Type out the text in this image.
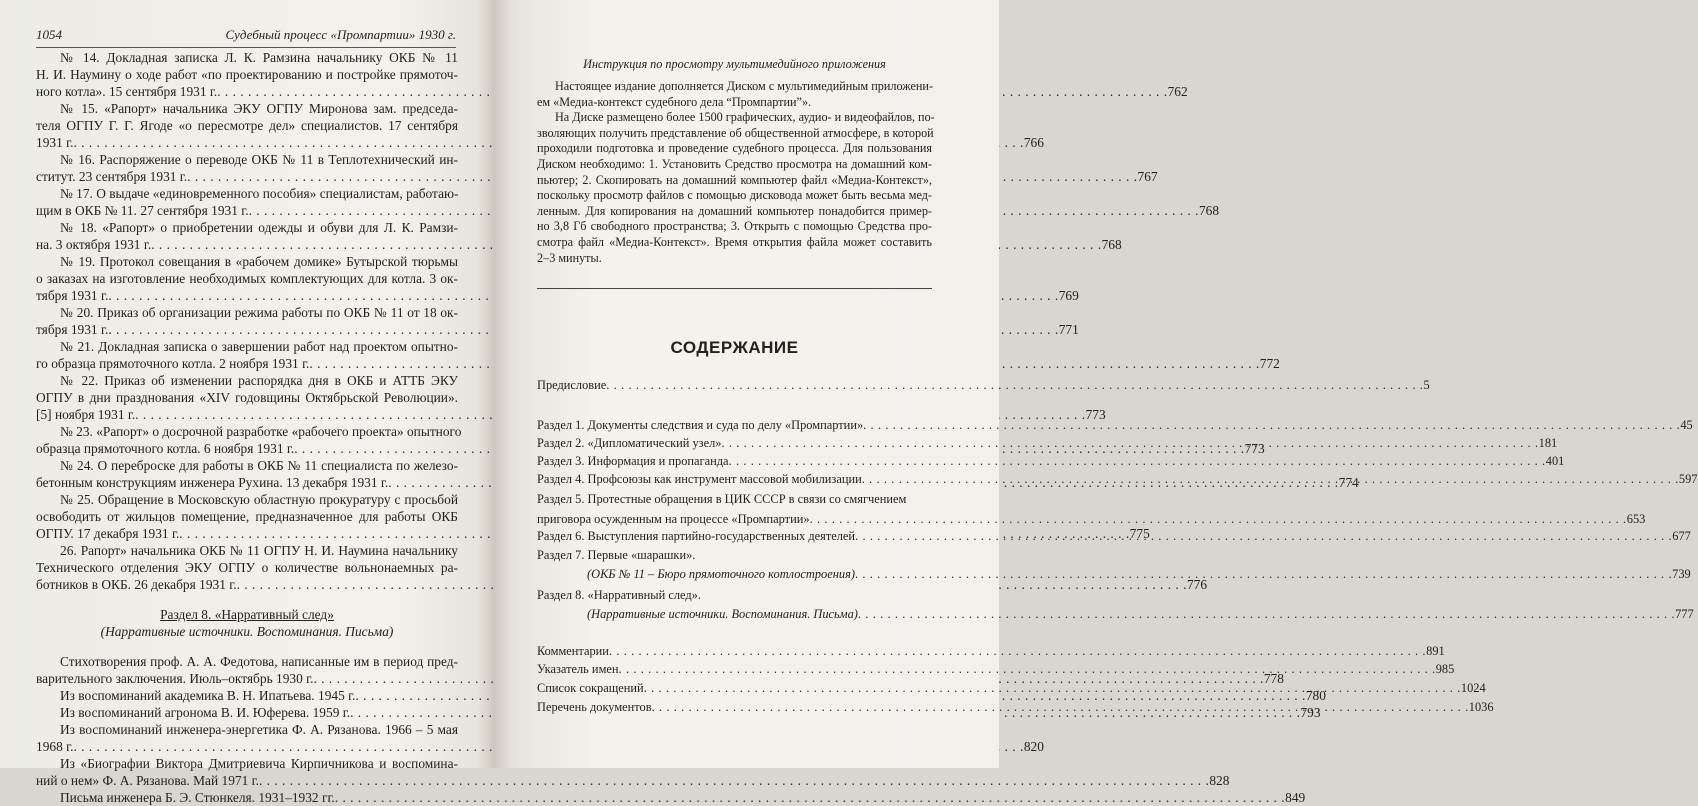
1054	Судебный процесс «Промпартии» 1930 г.
№ 14. Докладная записка Л. К. Рамзина начальнику ОКБ № 11
Н. И. Наумину о ходе работ «по проектированию и постройке прямоточ-
ного котла». 15 сентября 1931 г. . . .	762
№ 15. «Рапорт» начальника ЭКУ ОГПУ Миронова зам. председа-
теля ОГПУ Г. Г. Ягоде «о пересмотре дел» специалистов. 17 сентября
1931 г. . . .	766
№ 16. Распоряжение о переводе ОКБ № 11 в Теплотехнический ин-
ститут. 23 сентября 1931 г. . . .	767
№ 17. О выдаче «единовременного пособия» специалистам, работаю-
щим в ОКБ № 11. 27 сентября 1931 г. . . .	768
№ 18. «Рапорт» о приобретении одежды и обуви для Л. К. Рамзи-
на. 3 октября 1931 г. . . .	768
№ 19. Протокол совещания в «рабочем домике» Бутырской тюрьмы
о заказах на изготовление необходимых комплектующих для котла. 3 ок-
тября 1931 г. . . .	769
№ 20. Приказ об организации режима работы по ОКБ № 11 от 18 ок-
тября 1931 г. . . .	771
№ 21. Докладная записка о завершении работ над проектом опытно-
го образца прямоточного котла. 2 ноября 1931 г. . . .	772
№ 22. Приказ об изменении распорядка дня в ОКБ и АТТБ ЭКУ
ОГПУ в дни празднования «XIV годовщины Октябрьской Революции».
[5] ноября 1931 г. . . .	773
№ 23. «Рапорт» о досрочной разработке «рабочего проекта» опытного
образца прямоточного котла. 6 ноября 1931 г. . . .	773
№ 24. О переброске для работы в ОКБ № 11 специалиста по железо-
бетонным конструкциям инженера Рухина. 13 декабря 1931 г. . . .	774
№ 25. Обращение в Московскую областную прокуратуру с просьбой
освободить от жильцов помещение, предназначенное для работы ОКБ
ОГПУ. 17 декабря 1931 г. . . .	775
26. Рапорт» начальника ОКБ № 11 ОГПУ Н. И. Наумина начальнику
Технического отделения ЭКУ ОГПУ о количестве вольнонаемных ра-
ботников в ОКБ. 26 декабря 1931 г. . . .	776
Раздел 8. «Нарративный след»
(Нарративные источники. Воспоминания. Письма)
Стихотворения проф. А. А. Федотова, написанные им в период пред-
варительного заключения. Июль–октябрь 1930 г. . . .	778
Из воспоминаний академика В. Н. Ипатьева. 1945 г. . . .	780
Из воспоминаний агронома В. И. Юферева. 1959 г. . . .	793
Из воспоминаний инженера-энергетика Ф. А. Рязанова. 1966 – 5 мая
1968 г. . . .	820
Из «Биографии Виктора Дмитриевича Кирпичникова и воспомина-
ний о нем» Ф. А. Рязанова. Май 1971 г. . . .	828
Письма инженера Б. Э. Стюнкеля. 1931–1932 гг. . . .	849
Инструкция по просмотру мультимедийного приложения
Настоящее издание дополняется Диском с мультимедийным приложени-
ем «Медиа-контекст судебного дела “Промпартии”».
На Диске размещено более 1500 графических, аудио- и видеофайлов, по-
зволяющих получить представление об общественной атмосфере, в которой
проходили подготовка и проведение судебного процесса. Для пользования
Диском необходимо: 1. Установить Средство просмотра на домашний ком-
пьютер; 2. Скопировать на домашний компьютер файл «Медиа-Контекст»,
поскольку просмотр файлов с помощью дисковода может быть весьма мед-
ленным. Для копирования на домашний компьютер понадобится пример-
но 3,8 Гб свободного пространства; 3. Открыть с помощью Средства про-
смотра файл «Медиа-Контекст». Время открытия файла может составить
2–3 минуты.
СОДЕРЖАНИЕ
Предисловие . . .	5
Раздел 1. Документы следствия и суда по делу «Промпартии» . . .	45
Раздел 2. «Дипломатический узел» . . .	181
Раздел 3. Информация и пропаганда . . .	401
Раздел 4. Профсоюзы как инструмент массовой мобилизации . . .	597
Раздел 5. Протестные обращения в ЦИК СССР в связи со смягчением
приговора осужденным на процессе «Промпартии» . . .	653
Раздел 6. Выступления партийно-государственных деятелей . . .	677
Раздел 7. Первые «шарашки».
(ОКБ № 11 – Бюро прямоточного котлостроения) . . .	739
Раздел 8. «Нарративный след».
(Нарративные источники. Воспоминания. Письма) . . .	777
Комментарии . . .	891
Указатель имен . . .	985
Список сокращений . . .	1024
Перечень документов . . .	1036
